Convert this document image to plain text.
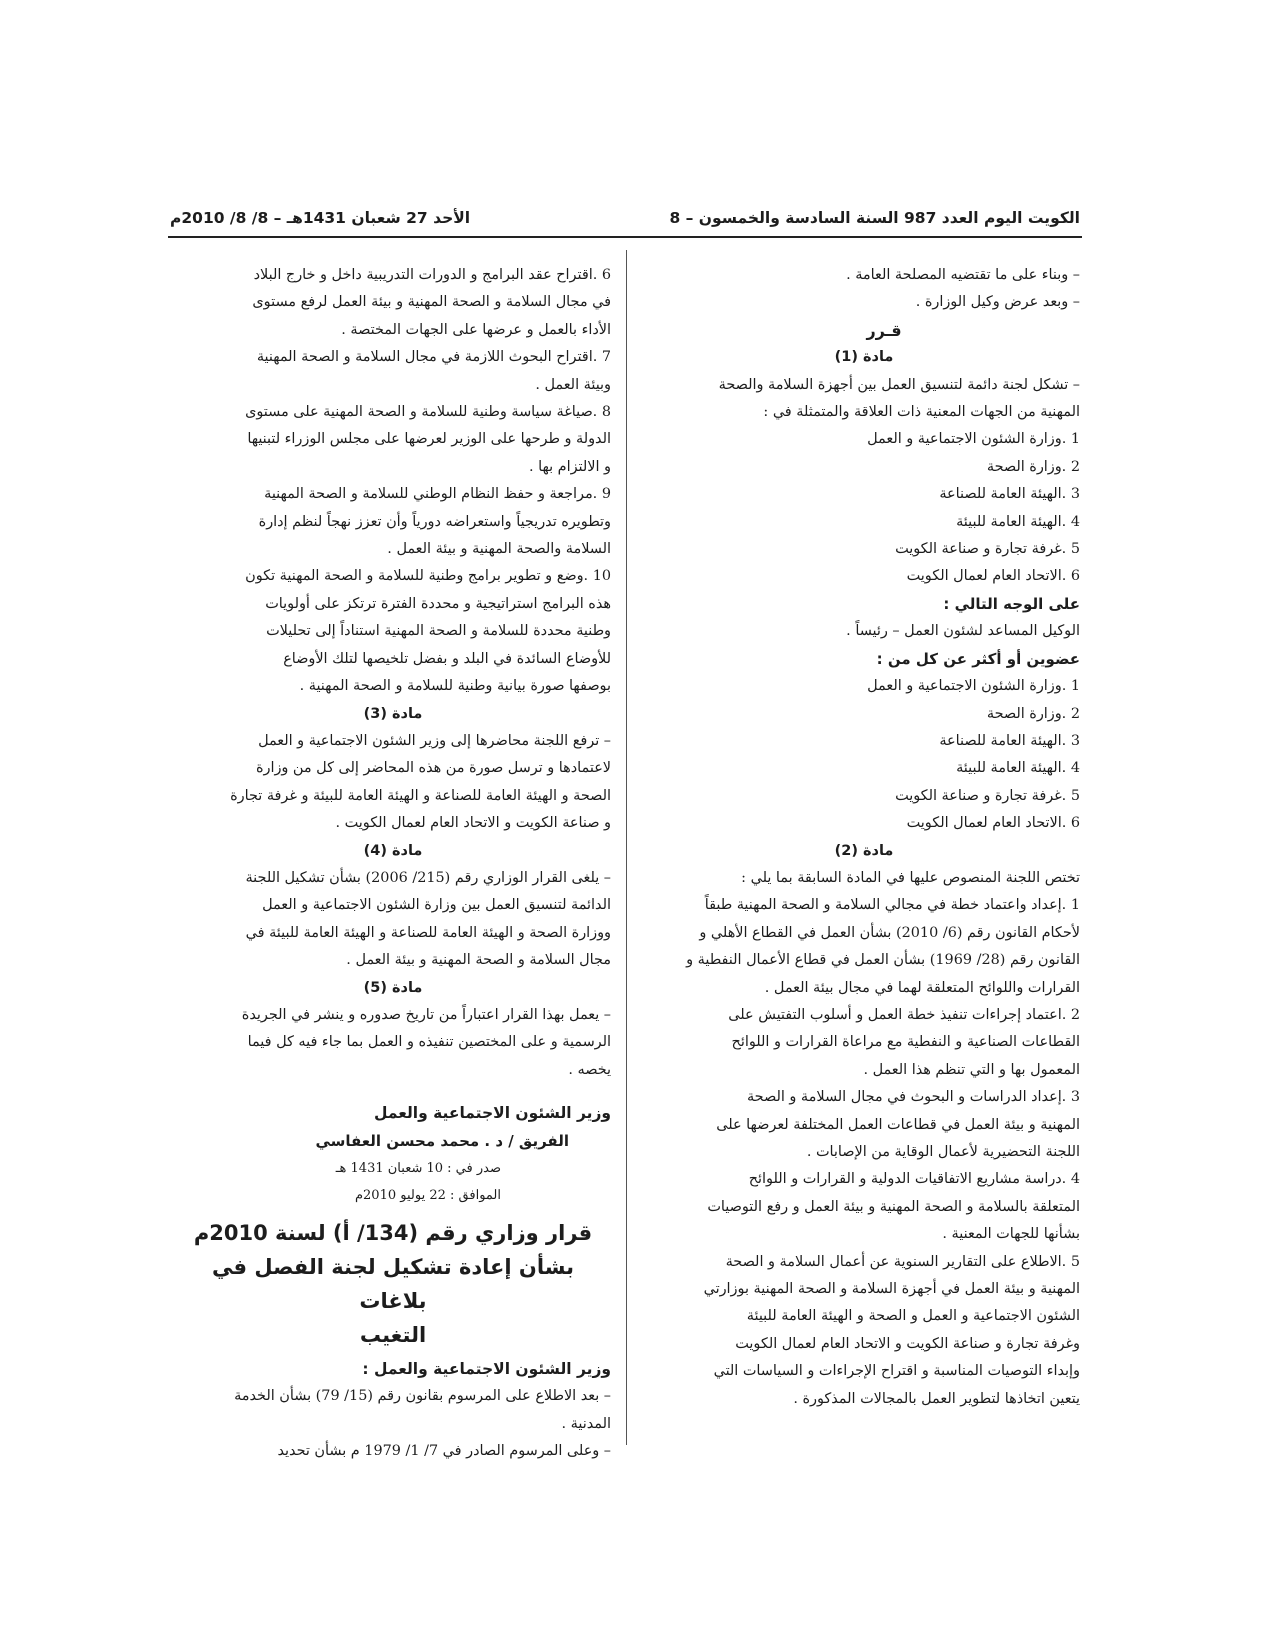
الكويت اليوم العدد 987 السنة السادسة والخمسون – 8
الأحد 27 شعبان 1431هـ – 8/ 8/ 2010م
– وبناء على ما تقتضيه المصلحة العامة .
– وبعد عرض وكيل الوزارة .
قـرر
مادة (1)
– تشكل لجنة دائمة لتنسيق العمل بين أجهزة السلامة والصحة
المهنية من الجهات المعنية ذات العلاقة والمتمثلة في :
1 .وزارة الشئون الاجتماعية و العمل
2 .وزارة الصحة
3 .الهيئة العامة للصناعة
4 .الهيئة العامة للبيئة
5 .غرفة تجارة و صناعة الكويت
6 .الاتحاد العام لعمال الكويت
على الوجه التالي :
الوكيل المساعد لشئون العمل – رئيساً .
عضوين أو أكثر عن كل من :
1 .وزارة الشئون الاجتماعية و العمل
2 .وزارة الصحة
3 .الهيئة العامة للصناعة
4 .الهيئة العامة للبيئة
5 .غرفة تجارة و صناعة الكويت
6 .الاتحاد العام لعمال الكويت
مادة (2)
تختص اللجنة المنصوص عليها في المادة السابقة بما يلي :
1 .إعداد واعتماد خطة في مجالي السلامة و الصحة المهنية طبقاً
لأحكام القانون رقم (6/ 2010) بشأن العمل في القطاع الأهلي و
القانون رقم (28/ 1969) بشأن العمل في قطاع الأعمال النفطية و
القرارات واللوائح المتعلقة لهما في مجال بيئة العمل .
2 .اعتماد إجراءات تنفيذ خطة العمل و أسلوب التفتيش على
القطاعات الصناعية و النفطية مع مراعاة القرارات و اللوائح
المعمول بها و التي تنظم هذا العمل .
3 .إعداد الدراسات و البحوث في مجال السلامة و الصحة
المهنية و بيئة العمل في قطاعات العمل المختلفة لعرضها على
اللجنة التحضيرية لأعمال الوقاية من الإصابات .
4 .دراسة مشاريع الاتفاقيات الدولية و القرارات و اللوائح
المتعلقة بالسلامة و الصحة المهنية و بيئة العمل و رفع التوصيات
بشأنها للجهات المعنية .
5 .الاطلاع على التقارير السنوية عن أعمال السلامة و الصحة
المهنية و بيئة العمل في أجهزة السلامة و الصحة المهنية بوزارتي
الشئون الاجتماعية و العمل و الصحة و الهيئة العامة للبيئة
وغرفة تجارة و صناعة الكويت و الاتحاد العام لعمال الكويت
وإبداء التوصيات المناسبة و اقتراح الإجراءات و السياسات التي
يتعين اتخاذها لتطوير العمل بالمجالات المذكورة .
6 .اقتراح عقد البرامج و الدورات التدريبية داخل و خارج البلاد
في مجال السلامة و الصحة المهنية و بيئة العمل لرفع مستوى
الأداء بالعمل و عرضها على الجهات المختصة .
7 .اقتراح البحوث اللازمة في مجال السلامة و الصحة المهنية
وبيئة العمل .
8 .صياغة سياسة وطنية للسلامة و الصحة المهنية على مستوى
الدولة و طرحها على الوزير لعرضها على مجلس الوزراء لتبنيها
و الالتزام بها .
9 .مراجعة و حفظ النظام الوطني للسلامة و الصحة المهنية
وتطويره تدريجياً واستعراضه دورياً وأن تعزز نهجاً لنظم إدارة
السلامة والصحة المهنية و بيئة العمل .
10 .وضع و تطوير برامج وطنية للسلامة و الصحة المهنية تكون
هذه البرامج استراتيجية و محددة الفترة ترتكز على أولويات
وطنية محددة للسلامة و الصحة المهنية استناداً إلى تحليلات
للأوضاع السائدة في البلد و بفضل تلخيصها لتلك الأوضاع
بوصفها صورة بيانية وطنية للسلامة و الصحة المهنية .
مادة (3)
– ترفع اللجنة محاضرها إلى وزير الشئون الاجتماعية و العمل
لاعتمادها و ترسل صورة من هذه المحاضر إلى كل من وزارة
الصحة و الهيئة العامة للصناعة و الهيئة العامة للبيئة و غرفة تجارة
و صناعة الكويت و الاتحاد العام لعمال الكويت .
مادة (4)
– يلغى القرار الوزاري رقم (215/ 2006) بشأن تشكيل اللجنة
الدائمة لتنسيق العمل بين وزارة الشئون الاجتماعية و العمل
ووزارة الصحة و الهيئة العامة للصناعة و الهيئة العامة للبيئة في
مجال السلامة و الصحة المهنية و بيئة العمل .
مادة (5)
– يعمل بهذا القرار اعتباراً من تاريخ صدوره و ينشر في الجريدة
الرسمية و على المختصين تنفيذه و العمل بما جاء فيه كل فيما
يخصه .
وزير الشئون الاجتماعية والعمل
الفريق / د . محمد محسن العفاسي
صدر في : 10 شعبان 1431 هـ
الموافق : 22 يوليو 2010م
قرار وزاري رقم (134/ أ) لسنة 2010م
بشأن إعادة تشكيل لجنة الفصل في بلاغات
التغيب
وزير الشئون الاجتماعية والعمل :
– بعد الاطلاع على المرسوم بقانون رقم (15/ 79) بشأن الخدمة
المدنية .
– وعلى المرسوم الصادر في 7/ 1/ 1979 م بشأن تحديد
